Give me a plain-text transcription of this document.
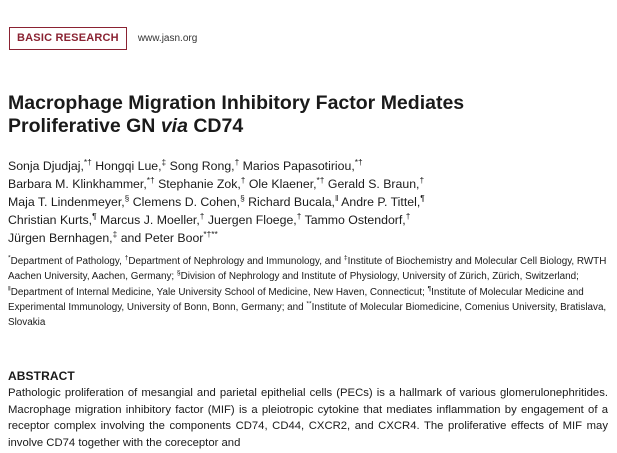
BASIC RESEARCH	www.jasn.org
Macrophage Migration Inhibitory Factor Mediates
Proliferative GN via CD74
Sonja Djudjaj,*† Hongqi Lue,‡ Song Rong,† Marios Papasotiriou,*†
Barbara M. Klinkhammer,*† Stephanie Zok,† Ole Klaener,*† Gerald S. Braun,†
Maja T. Lindenmeyer,§ Clemens D. Cohen,§ Richard Bucala,‖ Andre P. Tittel,¶
Christian Kurts,¶ Marcus J. Moeller,† Juergen Floege,† Tammo Ostendorf,†
Jürgen Bernhagen,‡ and Peter Boor*†**
*Department of Pathology, †Department of Nephrology and Immunology, and ‡Institute of Biochemistry and Molecular Cell Biology, RWTH Aachen University, Aachen, Germany; §Division of Nephrology and Institute of Physiology, University of Zürich, Zürich, Switzerland; ‖Department of Internal Medicine, Yale University School of Medicine, New Haven, Connecticut; ¶Institute of Molecular Medicine and Experimental Immunology, University of Bonn, Bonn, Germany; and **Institute of Molecular Biomedicine, Comenius University, Bratislava, Slovakia
ABSTRACT

Pathologic proliferation of mesangial and parietal epithelial cells (PECs) is a hallmark of various glomerulonephritides. Macrophage migration inhibitory factor (MIF) is a pleiotropic cytokine that mediates inflammation by engagement of a receptor complex involving the components CD74, CD44, CXCR2, and CXCR4. The proliferative effects of MIF may involve CD74 together with the coreceptor and
